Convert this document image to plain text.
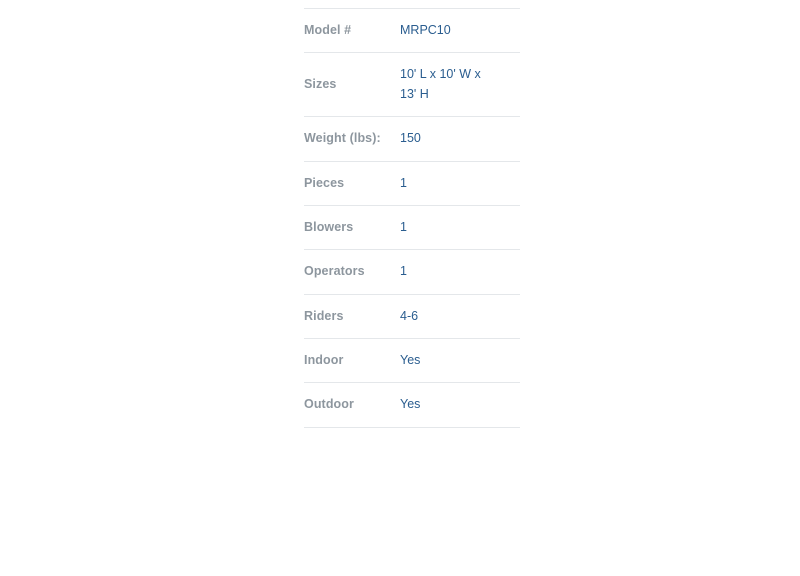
Model #	MRPC10
Sizes	10' L x 10' W x 13' H
Weight (lbs):	150
Pieces	1
Blowers	1
Operators	1
Riders	4-6
Indoor	Yes
Outdoor	Yes
